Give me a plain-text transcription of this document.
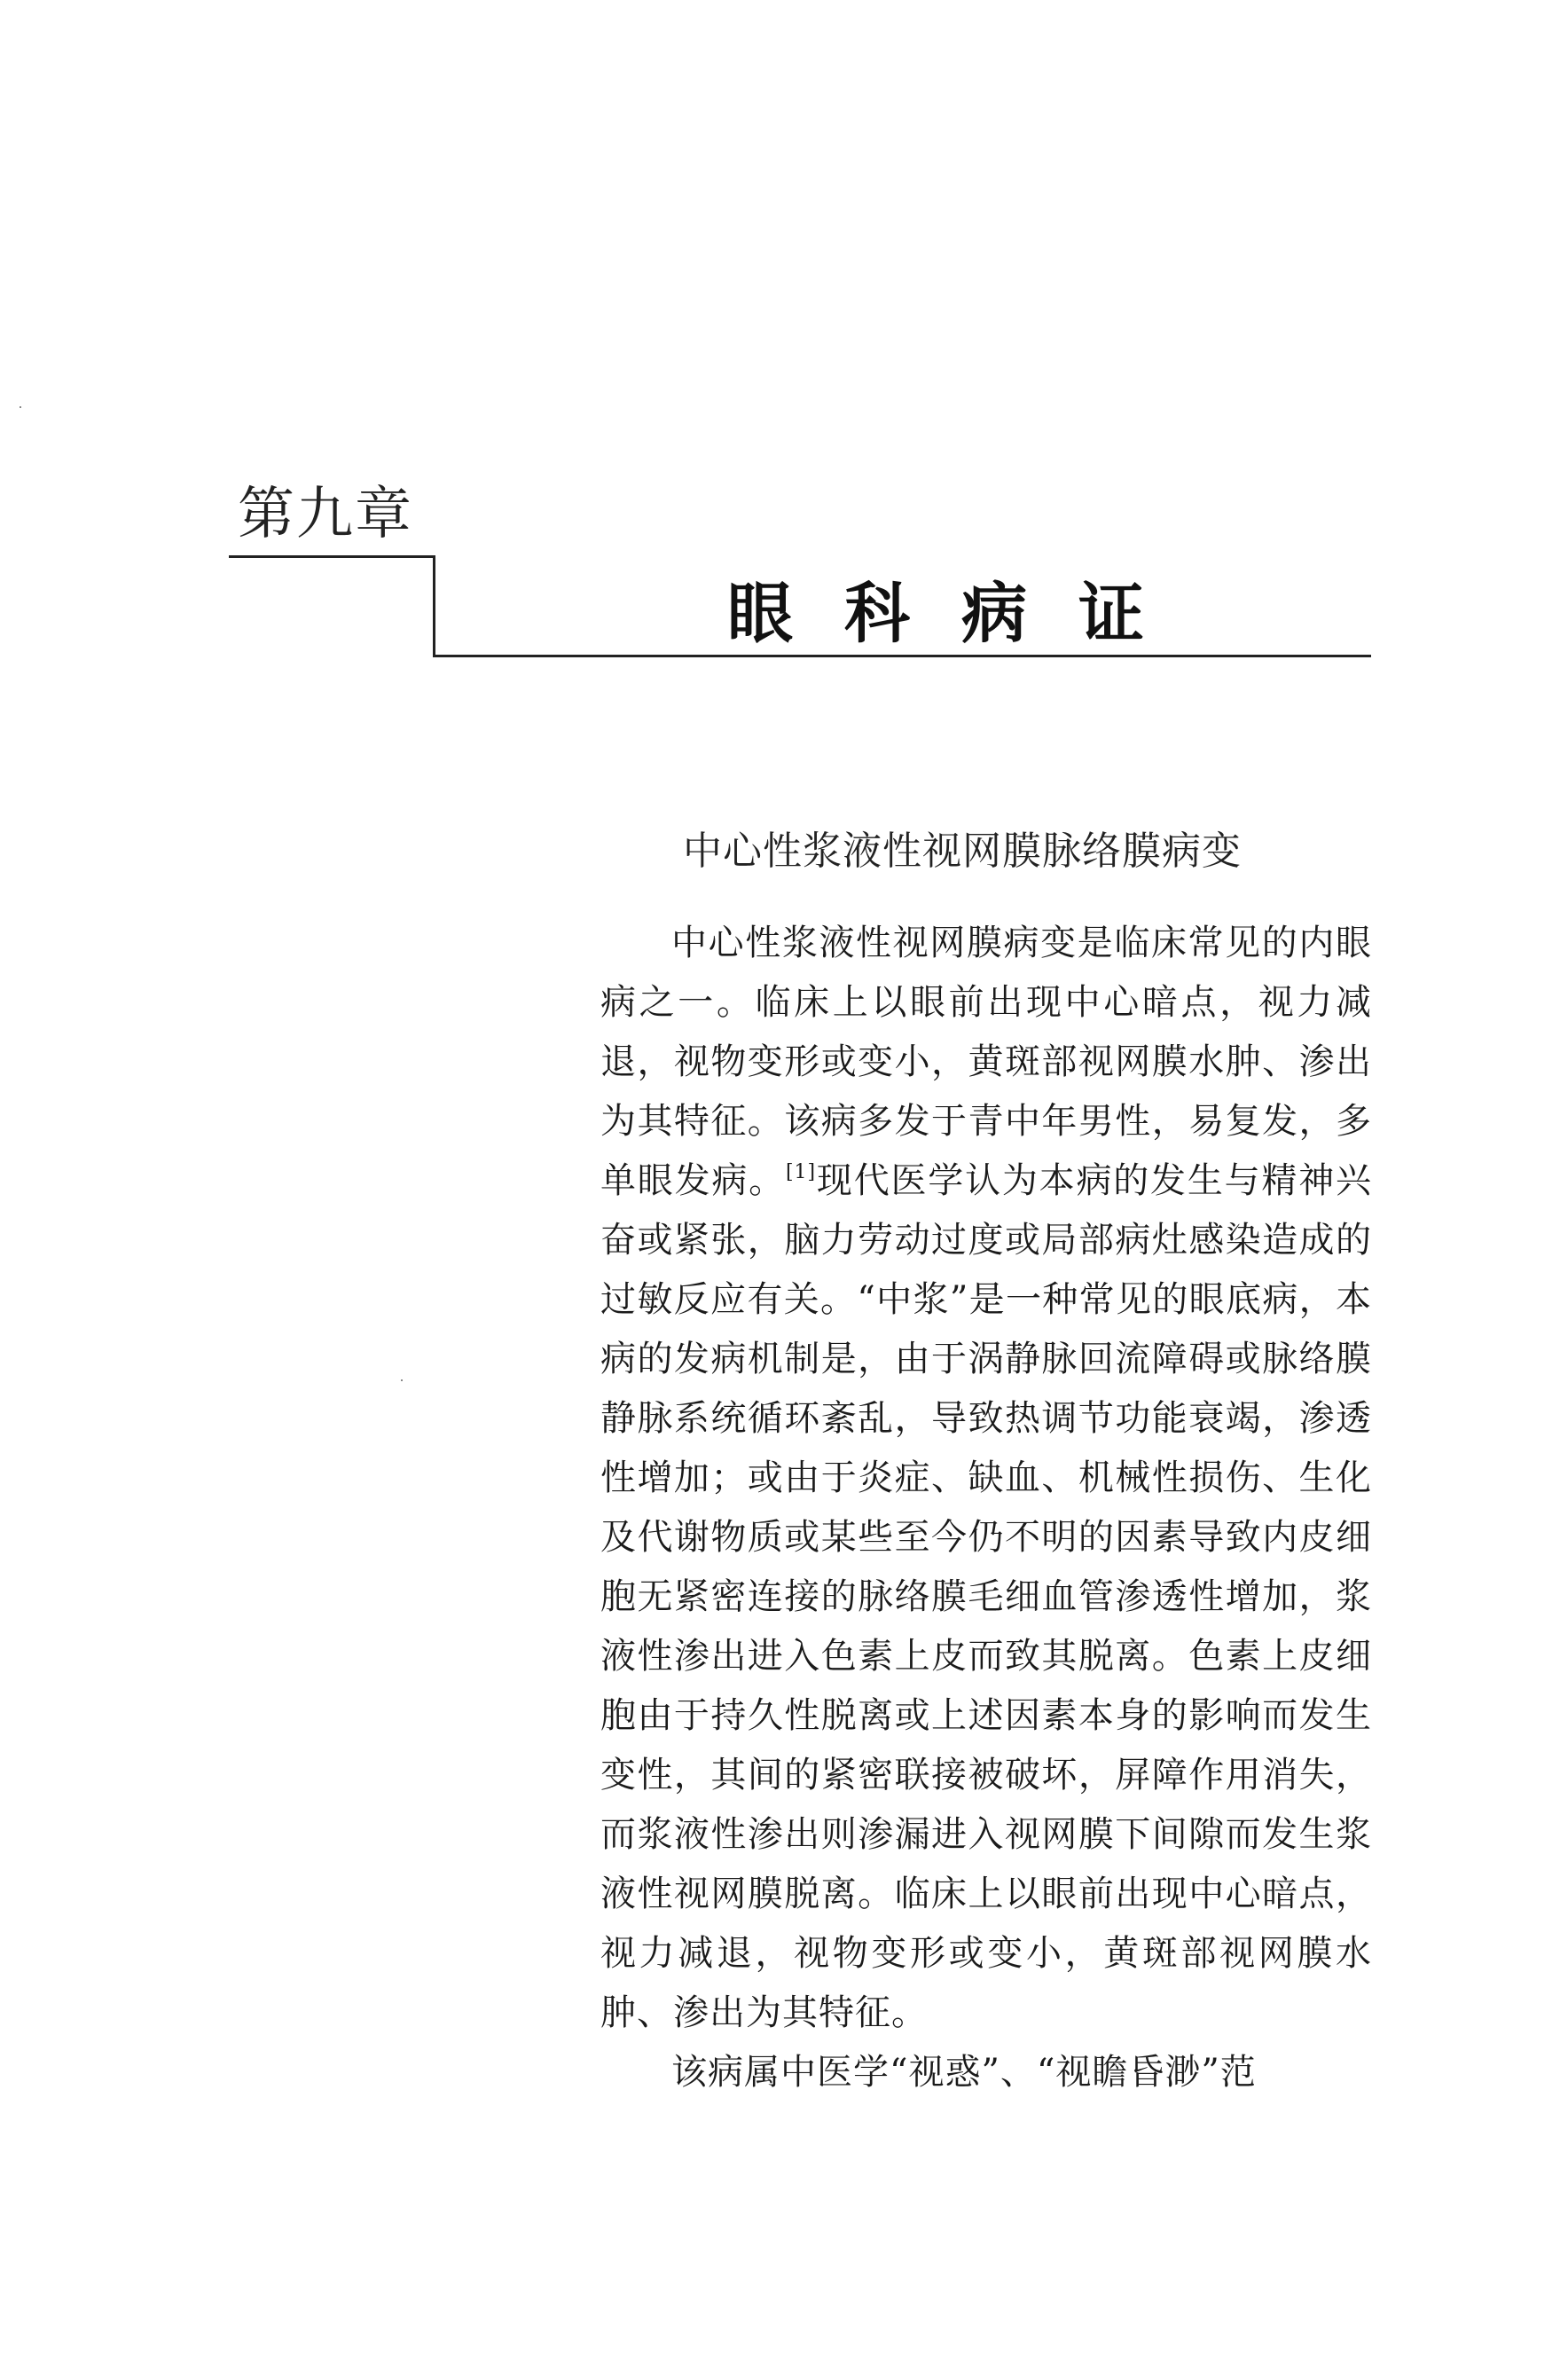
第九章
眼科病证
中心性浆液性视网膜脉络膜病变

中心性浆液性视网膜病变是临床常见的内眼病之一。临床上以眼前出现中心暗点，视力减退，视物变形或变小，黄斑部视网膜水肿、渗出为其特征。该病多发于青中年男性，易复发，多单眼发病。[1]现代医学认为本病的发生与精神兴奋或紧张，脑力劳动过度或局部病灶感染造成的过敏反应有关。“中浆”是一种常见的眼底病，本病的发病机制是，由于涡静脉回流障碍或脉络膜静脉系统循环紊乱，导致热调节功能衰竭，渗透性增加；或由于炎症、缺血、机械性损伤、生化及代谢物质或某些至今仍不明的因素导致内皮细胞无紧密连接的脉络膜毛细血管渗透性增加，浆液性渗出进入色素上皮而致其脱离。色素上皮细胞由于持久性脱离或上述因素本身的影响而发生变性，其间的紧密联接被破坏，屏障作用消失，而浆液性渗出则渗漏进入视网膜下间隙而发生浆液性视网膜脱离。临床上以眼前出现中心暗点，视力减退，视物变形或变小，黄斑部视网膜水肿、渗出为其特征。

该病属中医学“视惑”、“视瞻昏渺”范
